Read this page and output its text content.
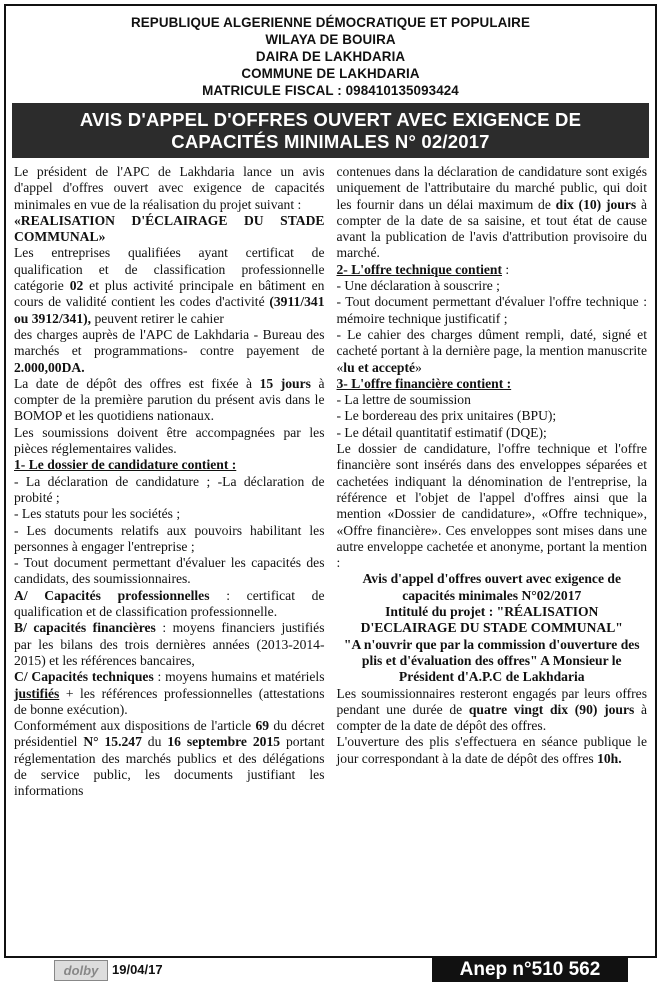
REPUBLIQUE ALGERIENNE DÉMOCRATIQUE ET POPULAIRE
WILAYA DE BOUIRA
DAIRA DE LAKHDARIA
COMMUNE DE LAKHDARIA
MATRICULE FISCAL : 098410135093424
AVIS D'APPEL D'OFFRES OUVERT AVEC EXIGENCE DE
CAPACITÉS MINIMALES N° 02/2017

Le président de l'APC de Lakhdaria lance un avis d'appel d'offres ouvert avec exigence de capacités minimales en vue de la réalisation du projet suivant :

«REALISATION D'ÉCLAIRAGE DU STADE COMMUNAL»

Les entreprises qualifiées ayant certificat de qualification et de classification professionnelle catégorie 02 et plus activité principale en bâtiment en cours de validité contient les codes d'activité (3911/341 ou 3912/341), peuvent retirer le cahier

des charges auprès de l'APC de Lakhdaria - Bureau des marchés et programmations- contre payement de 2.000,00DA.

La date de dépôt des offres est fixée à 15 jours à compter de la première parution du présent avis dans le BOMOP et les quotidiens nationaux.

Les soumissions doivent être accompagnées par les pièces réglementaires valides.

1- Le dossier de candidature contient :

- La déclaration de candidature ; -La déclaration de probité ;

- Les statuts pour les sociétés ;

- Les documents relatifs aux pouvoirs habilitant les personnes à engager l'entreprise ;

- Tout document permettant d'évaluer les capacités des candidats, des soumissionnaires.

A/ Capacités professionnelles : certificat de qualification et de classification professionnelle.

B/ capacités financières : moyens financiers justifiés par les bilans des trois dernières années (2013-2014-2015) et les références bancaires,

C/ Capacités techniques : moyens humains et matériels justifiés + les références professionnelles (attestations de bonne exécution).

Conformément aux dispositions de l'article 69 du décret présidentiel N° 15.247 du 16 septembre 2015 portant réglementation des marchés publics et des délégations de service public, les documents justifiant les informations

contenues dans la déclaration de candidature sont exigés uniquement de l'attributaire du marché public, qui doit les fournir dans un délai maximum de dix (10) jours à compter de la date de sa saisine, et tout état de cause avant la publication de l'avis d'attribution provisoire du marché.

2- L'offre technique contient :

- Une déclaration à souscrire ;

- Tout document permettant d'évaluer l'offre technique : mémoire technique justificatif ;

- Le cahier des charges dûment rempli, daté, signé et cacheté portant à la dernière page, la mention manuscrite «lu et accepté»

3- L'offre financière contient :

- La lettre de soumission

- Le bordereau des prix unitaires (BPU);

- Le détail quantitatif estimatif (DQE);

Le dossier de candidature, l'offre technique et l'offre financière sont insérés dans des enveloppes séparées et cachetées indiquant la dénomination de l'entreprise, la référence et l'objet de l'appel d'offres ainsi que la mention «Dossier de candidature», «Offre technique», «Offre financière». Ces enveloppes sont mises dans une autre enveloppe cachetée et anonyme, portant la mention :

Avis d'appel d'offres ouvert avec exigence de capacités minimales N°02/2017

Intitulé du projet : "RÉALISATION D'ECLAIRAGE DU STADE COMMUNAL"

"A n'ouvrir que par la commission d'ouverture des plis et d'évaluation des offres" A Monsieur le Président d'A.P.C de Lakhdaria

Les soumissionnaires resteront engagés par leurs offres pendant une durée de quatre vingt dix (90) jours à compter de la date de dépôt des offres.

L'ouverture des plis s'effectuera en séance publique le jour correspondant à la date de dépôt des offres 10h.

dolby	19/04/17	Anep n°510 562
